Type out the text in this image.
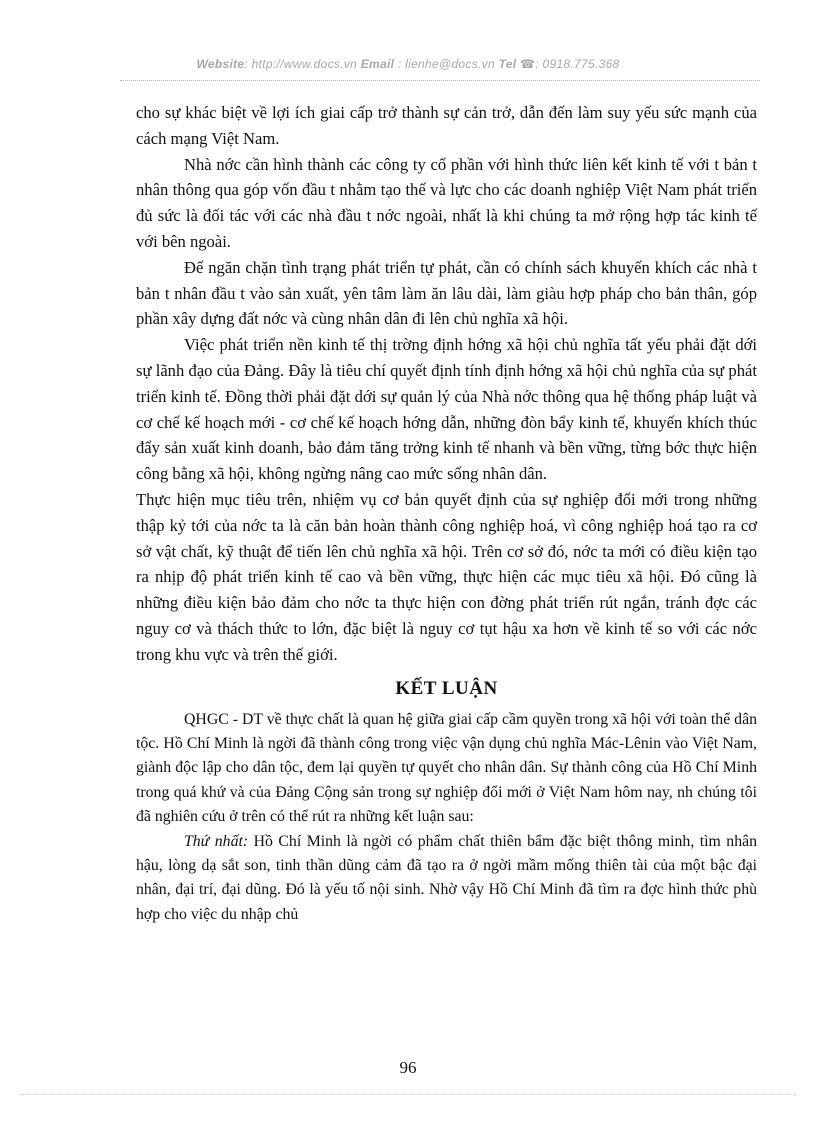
Website: http://www.docs.vn Email : lienhe@docs.vn Tel ☎: 0918.775.368

cho sự khác biệt về lợi ích giai cấp trở thành sự cản trở, dẫn đến làm suy yếu sức mạnh của cách mạng Việt Nam.

Nhà nớc cần hình thành các công ty cổ phần với hình thức liên kết kinh tế với t bản t nhân thông qua góp vốn đầu t nhằm tạo thế và lực cho các doanh nghiệp Việt Nam phát triển đủ sức là đối tác với các nhà đầu t nớc ngoài, nhất là khi chúng ta mở rộng hợp tác kinh tế với bên ngoài.

Để ngăn chặn tình trạng phát triển tự phát, cần có chính sách khuyến khích các nhà t bản t nhân đầu t vào sản xuất, yên tâm làm ăn lâu dài, làm giàu hợp pháp cho bản thân, góp phần xây dựng đất nớc và cùng nhân dân đi lên chủ nghĩa xã hội.

Việc phát triển nền kinh tế thị trờng định hớng xã hội chủ nghĩa tất yếu phải đặt dới sự lãnh đạo của Đảng. Đây là tiêu chí quyết định tính định hớng xã hội chủ nghĩa của sự phát triển kinh tế. Đồng thời phải đặt dới sự quản lý của Nhà nớc thông qua hệ thống pháp luật và cơ chế kế hoạch mới - cơ chế kế hoạch hớng dẫn, những đòn bẩy kinh tế, khuyến khích thúc đẩy sản xuất kinh doanh, bảo đảm tăng trởng kinh tế nhanh và bền vững, từng bớc thực hiện công bằng xã hội, không ngừng nâng cao mức sống nhân dân.

Thực hiện mục tiêu trên, nhiệm vụ cơ bản quyết định của sự nghiệp đổi mới trong những thập kỷ tới của nớc ta là căn bản hoàn thành công nghiệp hoá, vì công nghiệp hoá tạo ra cơ sở vật chất, kỹ thuật để tiến lên chủ nghĩa xã hội. Trên cơ sở đó, nớc ta mới có điều kiện tạo ra nhịp độ phát triển kinh tế cao và bền vững, thực hiện các mục tiêu xã hội. Đó cũng là những điều kiện bảo đảm cho nớc ta thực hiện con đờng phát triển rút ngắn, tránh đợc các nguy cơ và thách thức to lớn, đặc biệt là nguy cơ tụt hậu xa hơn về kinh tế so với các nớc trong khu vực và trên thế giới.

KẾT LUẬN

QHGC - DT về thực chất là quan hệ giữa giai cấp cầm quyền trong xã hội với toàn thể dân tộc. Hồ Chí Minh là ngời đã thành công trong việc vận dụng chủ nghĩa Mác-Lênin vào Việt Nam, giành độc lập cho dân tộc, đem lại quyền tự quyết cho nhân dân. Sự thành công của Hồ Chí Minh trong quá khứ và của Đảng Cộng sản trong sự nghiệp đổi mới ở Việt Nam hôm nay, nh chúng tôi đã nghiên cứu ở trên có thể rút ra những kết luận sau:

Thứ nhất: Hồ Chí Minh là ngời có phẩm chất thiên bẩm đặc biệt thông minh, tìm nhân hậu, lòng dạ sắt son, tinh thần dũng cảm đã tạo ra ở ngời mầm mống thiên tài của một bậc đại nhân, đại trí, đại dũng. Đó là yếu tố nội sinh. Nhờ vậy Hồ Chí Minh đã tìm ra đợc hình thức phù hợp cho việc du nhập chủ

96
